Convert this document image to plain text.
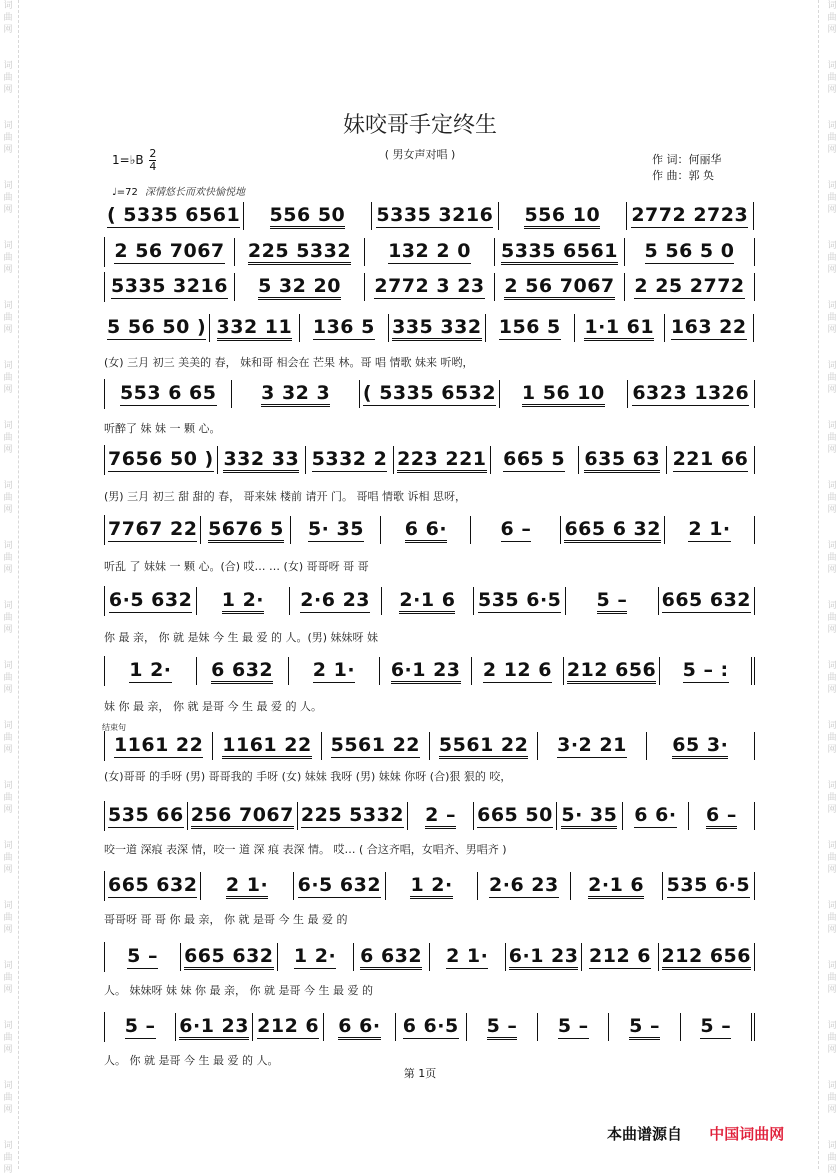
词
曲
网

词
曲
网

词
曲
网

词
曲
网

词
曲
网

词
曲
网

词
曲
网

词
曲
网

词
曲
网

词
曲
网

词
曲
网

词
曲
网

词
曲
网

词
曲
网

词
曲
网

词
曲
网

词
曲
网

词
曲
网

词
曲
网

词
曲
网
词
曲
网

词
曲
网

词
曲
网

词
曲
网

词
曲
网

词
曲
网

词
曲
网

词
曲
网

词
曲
网

词
曲
网

词
曲
网

词
曲
网

词
曲
网

词
曲
网

词
曲
网

词
曲
网

词
曲
网

词
曲
网

词
曲
网

词
曲
网
妹咬哥手定终生
( 男女声对唱 )
1=♭B $\frac{2}{4}$
♩=72 深情悠长而欢快愉悦地
作 词：何丽华
作 曲：郭 奂
( 5335 6561 556 50 5335 3216 556 10 2772 2723
2 56 7067 225 5332 132 2 0 5335 6561 5 56 5 0
5335 3216 5 32 20 2772 3 23 2 56 7067 2 25 2772
5 56 50 ) 332 11 136 5 335 332 156 5 1·1 61 163 22
553 6 65 3 32 3 ( 5335 6532 1 56 10 6323 1326
7656 50 ) 332 33 5332 2 223 221 665 5 635 63 221 66
7767 22 5676 5 5· 35 6 6·	6 – 665 6 32 2 1·
6·5 632 1 2· 2·6 23 2·1 6 535 6·5 5 – 665 632
1 2· 6 632 2 1· 6·1 23 2 12 6 212 656 5 – :
1161 22 1161 22 5561 22 5561 22 3·2 21 65 3·
535 66 256 7067 225 5332 2 – 665 50 5· 35 6 6· 6 –
665 632 2 1· 6·5 632 1 2· 2·6 23 2·1 6 535 6·5
5 – 665 632 1 2· 6 632 2 1· 6·1 23 212 6 212 656
5 – 6·1 23 212 6 6 6· 6 6·5 5 – 5 – 5 – 5 –
(女) 三月 初三 美美的 春， 妹和哥 相会在 芒果 林。哥 唱 情歌 妹来 听哟，
听醉了 妹 妹 一 颗 心。
(男) 三月 初三 甜 甜的 春， 哥来妹 楼前 请开 门。 哥唱 情歌 诉相 思呀，
听乱 了 妹妹 一 颗 心。(合) 哎… … (女) 哥哥呀 哥 哥
你 最 亲， 你 就 是妹 今 生 最 爱 的 人。(男) 妹妹呀 妹
妹 你 最 亲， 你 就 是哥 今 生 最 爱 的 人。
(女)哥哥 的手呀 (男) 哥哥我的 手呀 (女) 妹妹 我呀 (男) 妹妹 你呀 (合)狠 狠的 咬，
咬一道 深痕 表深 情，咬一 道 深 痕 表深 情。 哎… ( 合这齐唱，女唱齐、男唱齐 )
哥哥呀 哥 哥 你 最 亲， 你 就 是哥 今 生 最 爱 的
人。 妹妹呀 妹 妹 你 最 亲， 你 就 是哥 今 生 最 爱 的
人。 你 就 是哥 今 生 最 爱 的 人。
结束句
第 1页
本曲谱源自 中国词曲网
